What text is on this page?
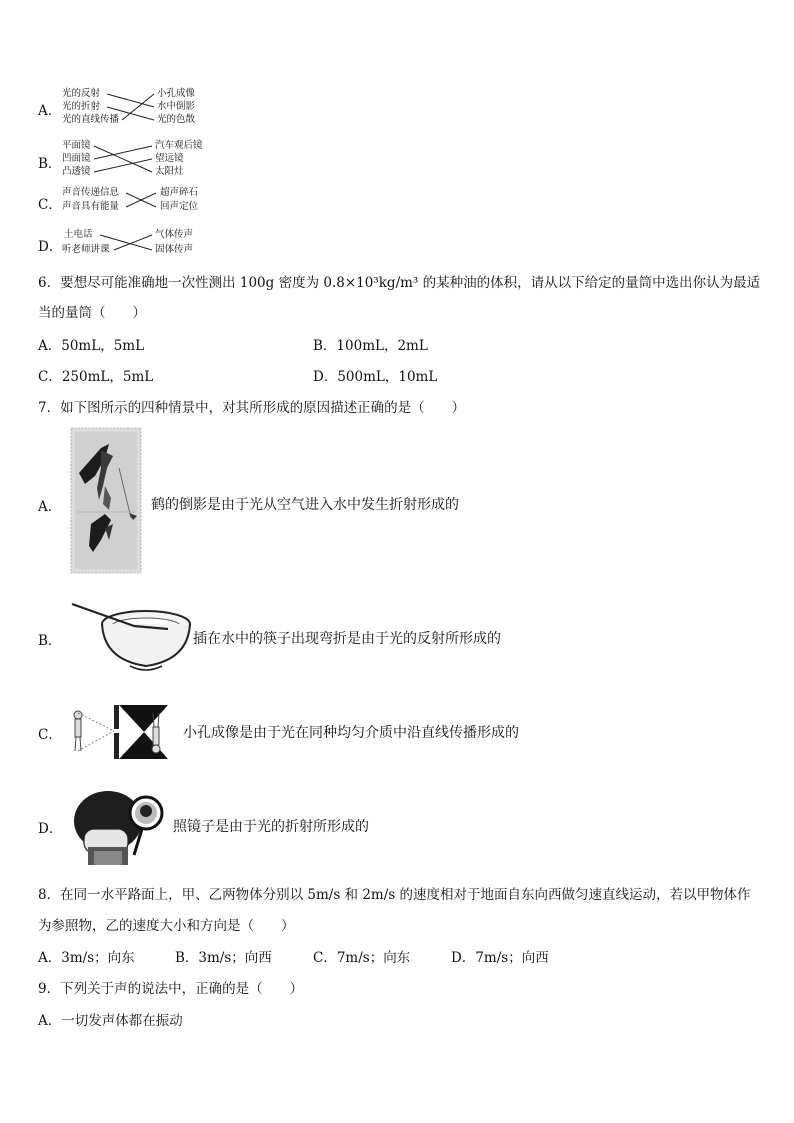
A．
光的反射
光的折射
光的直线传播
小孔成像
水中倒影
光的色散
B．
平面镜
凹面镜
凸透镜
汽车观后镜
望远镜
太阳灶
C．
声音传递信息
声音具有能量
超声碎石
回声定位
D．
土电话
听老师讲课
气体传声
固体传声
6．要想尽可能准确地一次性测出 100g 密度为 0.8×10³kg/m³ 的某种油的体积，请从以下给定的量筒中选出你认为最适
当的量筒（　　）
A．50mL，5mL	B．100mL，2mL
C．250mL，5mL	D．500mL，10mL
7．如下图所示的四种情景中，对其所形成的原因描述正确的是（　　）
A．	鹤的倒影是由于光从空气进入水中发生折射形成的
B．	插在水中的筷子出现弯折是由于光的反射所形成的
C．	小孔成像是由于光在同种均匀介质中沿直线传播形成的
D．	照镜子是由于光的折射所形成的
8．在同一水平路面上，甲、乙两物体分别以 5m/s 和 2m/s 的速度相对于地面自东向西做匀速直线运动，若以甲物体作
为参照物，乙的速度大小和方向是（　　）
A．3m/s；向东	B．3m/s；向西	C．7m/s；向东	D．7m/s；向西
9．下列关于声的说法中，正确的是（　　）
A．一切发声体都在振动
